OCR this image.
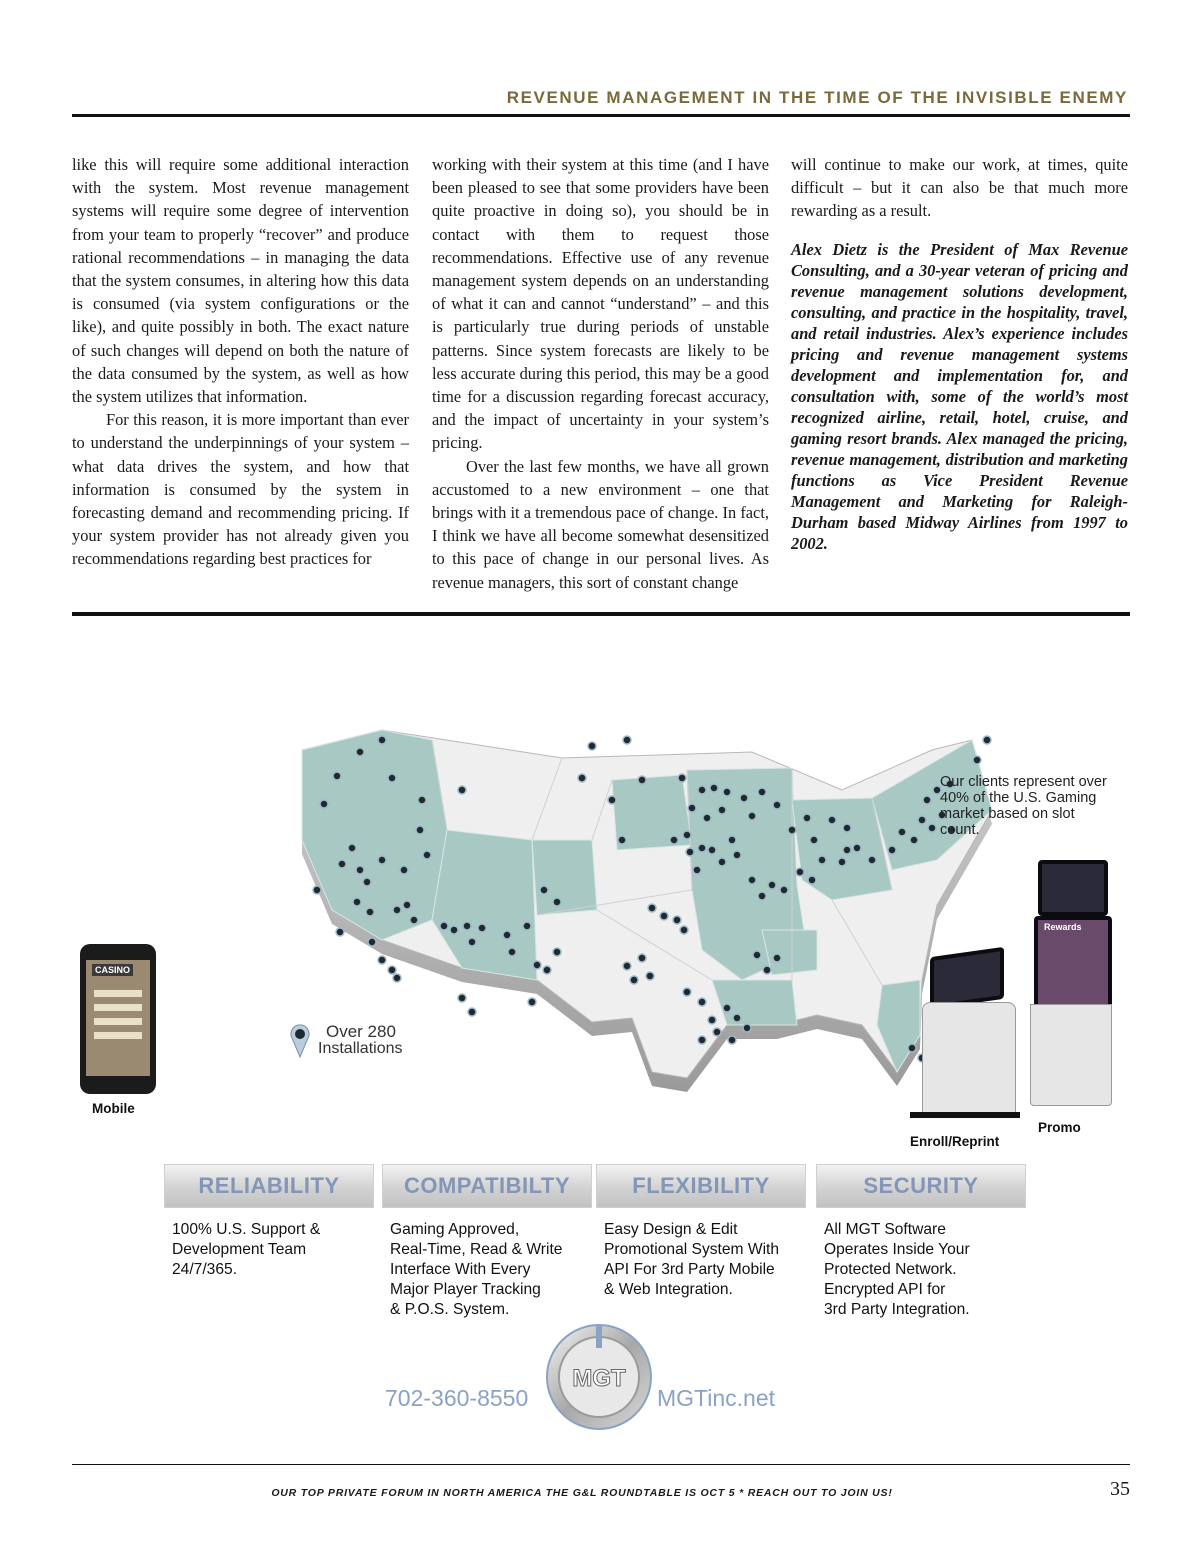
REVENUE MANAGEMENT IN THE TIME OF THE INVISIBLE ENEMY

like this will require some additional interaction with the system. Most revenue management systems will require some degree of intervention from your team to properly “recover” and produce rational recommendations – in managing the data that the system consumes, in altering how this data is consumed (via system configurations or the like), and quite possibly in both. The exact nature of such changes will depend on both the nature of the data consumed by the system, as well as how the system utilizes that information.

For this reason, it is more important than ever to understand the underpinnings of your system – what data drives the system, and how that information is consumed by the system in forecasting demand and recommending pricing. If your system provider has not already given you recommendations regarding best practices for

working with their system at this time (and I have been pleased to see that some providers have been quite proactive in doing so), you should be in contact with them to request those recommendations. Effective use of any revenue management system depends on an understanding of what it can and cannot “understand” – and this is particularly true during periods of unstable patterns. Since system forecasts are likely to be less accurate during this period, this may be a good time for a discussion regarding forecast accuracy, and the impact of uncertainty in your system’s pricing.

Over the last few months, we have all grown accustomed to a new environment – one that brings with it a tremendous pace of change. In fact, I think we have all become somewhat desensitized to this pace of change in our personal lives. As revenue managers, this sort of constant change

will continue to make our work, at times, quite difficult – but it can also be that much more rewarding as a result.

Alex Dietz is the President of Max Revenue Consulting, and a 30-year veteran of pricing and revenue management solutions development, consulting, and practice in the hospitality, travel, and retail industries. Alex’s experience includes pricing and revenue management systems development and implementation for, and consultation with, some of the world’s most recognized airline, retail, hotel, cruise, and gaming resort brands. Alex managed the pricing, revenue management, distribution and marketing functions as Vice President Revenue Management and Marketing for Raleigh-Durham based Midway Airlines from 1997 to 2002.

Our clients represent over 40% of the U.S. Gaming market based on slot count.
Over 280
Installations
CASINO
Mobile
Enroll/Reprint
Rewards
Promo
RELIABILITY
100% U.S. Support &
Development Team
24/7/365.
COMPATIBILTY
Gaming Approved,
Real-Time, Read & Write
Interface With Every
Major Player Tracking
& P.O.S. System.
FLEXIBILITY
Easy Design & Edit
Promotional System With
API For 3rd Party Mobile
& Web Integration.
SECURITY
All MGT Software
Operates Inside Your
Protected Network.
Encrypted API for
3rd Party Integration.
MGT
702-360-8550	MGTinc.net
OUR TOP PRIVATE FORUM IN NORTH AMERICA THE G&L ROUNDTABLE IS OCT 5 * REACH OUT TO JOIN US!	35
